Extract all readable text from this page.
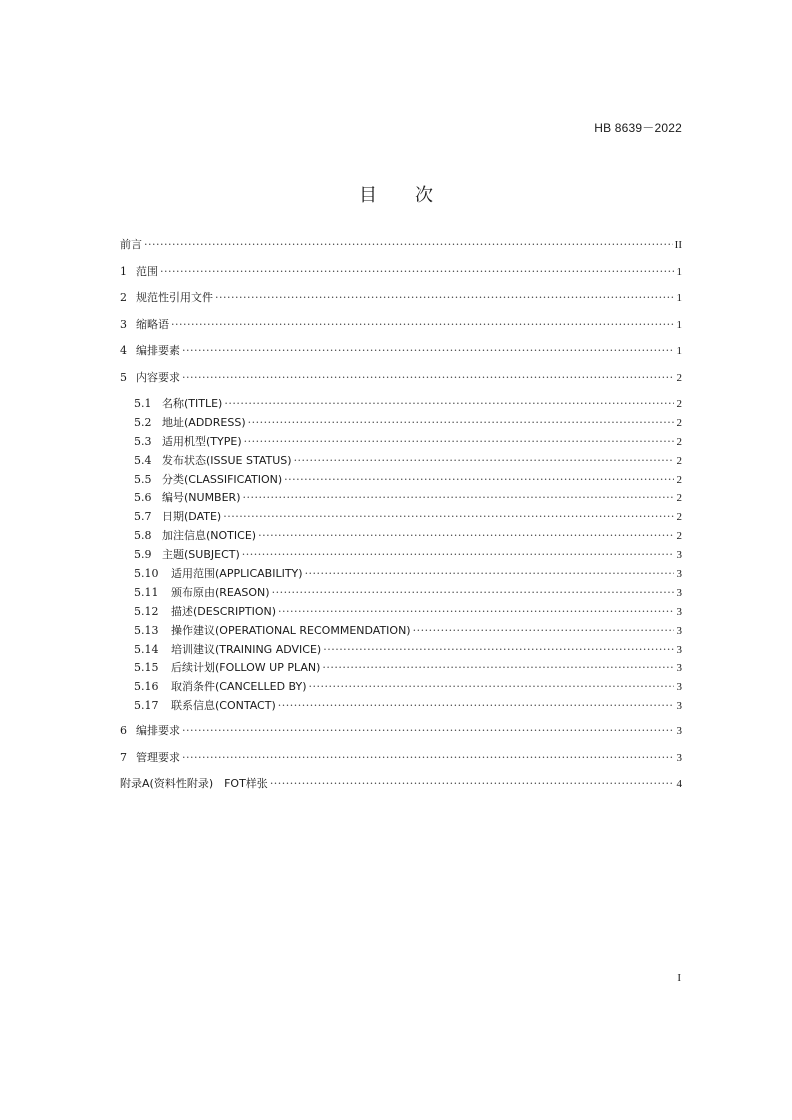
HB 8639－2022
目次
前言 ·····	II
1 范围 ·····	1
2 规范性引用文件 ·····	1
3 缩略语 ·····	1
4 编排要素 ·····	1
5 内容要求 ·····	2
5.1 名称(TITLE) ·····	2
5.2 地址(ADDRESS) ·····	2
5.3 适用机型(TYPE) ·····	2
5.4 发布状态(ISSUE STATUS) ·····	2
5.5 分类(CLASSIFICATION) ·····	2
5.6 编号(NUMBER) ·····	2
5.7 日期(DATE) ·····	2
5.8 加注信息(NOTICE) ·····	2
5.9 主题(SUBJECT) ·····	3
5.10	适用范围(APPLICABILITY) ·····	3
5.11	颁布原由(REASON) ·····	3
5.12	描述(DESCRIPTION) ·····	3
5.13	操作建议(OPERATIONAL RECOMMENDATION) ·····	3
5.14	培训建议(TRAINING ADVICE) ·····	3
5.15	后续计划(FOLLOW UP PLAN) ·····	3
5.16	取消条件(CANCELLED BY) ·····	3
5.17	联系信息(CONTACT) ·····	3
6 编排要求 ·····	3
7 管理要求 ·····	3
附录A(资料性附录)　FOT样张 ·····	4
I
